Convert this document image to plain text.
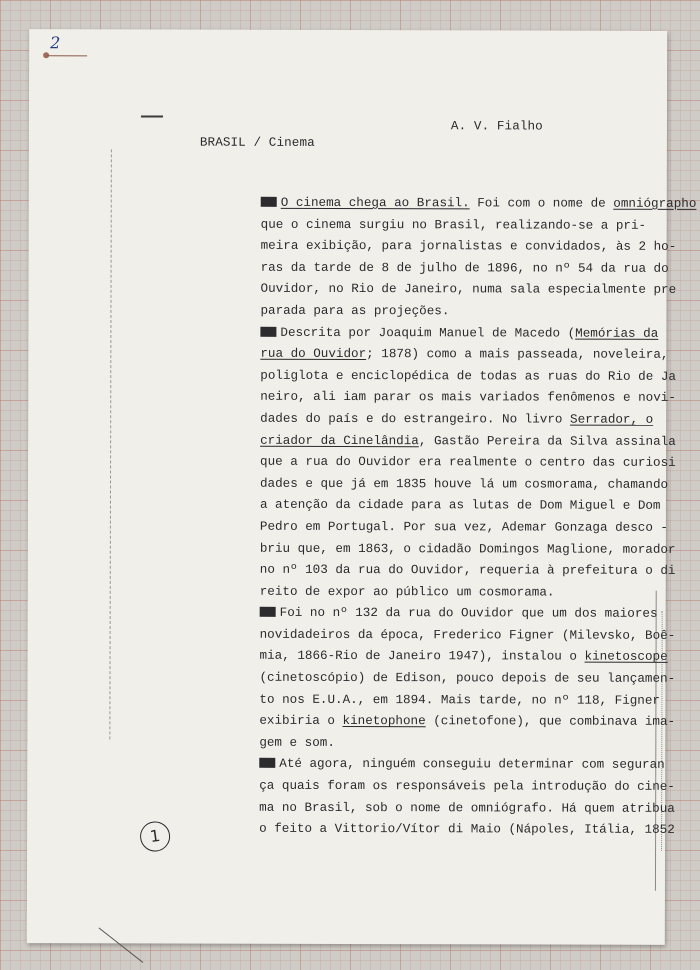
2
A. V. Fialho
BRASIL / Cinema
O cinema chega ao Brasil. Foi com o nome de omniógrapho
que o cinema surgiu no Brasil, realizando-se a pri-
meira exibição, para jornalistas e convidados, às 2 ho-
ras da tarde de 8 de julho de 1896, no nº 54 da rua do
Ouvidor, no Rio de Janeiro, numa sala especialmente pre
parada para as projeções.
Descrita por Joaquim Manuel de Macedo (Memórias da
rua do Ouvidor; 1878) como a mais passeada, noveleira,
poliglota e enciclopédica de todas as ruas do Rio de Ja
neiro, ali iam parar os mais variados fenômenos e novi-
dades do país e do estrangeiro. No livro Serrador, o
criador da Cinelândia, Gastão Pereira da Silva assinala
que a rua do Ouvidor era realmente o centro das curiosi
dades e que já em 1835 houve lá um cosmorama, chamando
a atenção da cidade para as lutas de Dom Miguel e Dom
Pedro em Portugal. Por sua vez, Ademar Gonzaga desco -
briu que, em 1863, o cidadão Domingos Maglione, morador
no nº 103 da rua do Ouvidor, requeria à prefeitura o di
reito de expor ao público um cosmorama.
Foi no nº 132 da rua do Ouvidor que um dos maiores
novidadeiros da época, Frederico Figner (Milevsko, Boê-
mia, 1866-Rio de Janeiro 1947), instalou o kinetoscope
(cinetoscópio) de Edison, pouco depois de seu lançamen-
to nos E.U.A., em 1894. Mais tarde, no nº 118, Figner
exibiria o kinetophone (cinetofone), que combinava ima-
gem e som.
Até agora, ninguém conseguiu determinar com seguran
ça quais foram os responsáveis pela introdução do cine-
ma no Brasil, sob o nome de omniógrafo. Há quem atribua
o feito a Vittorio/Vítor di Maio (Nápoles, Itália, 1852
1
